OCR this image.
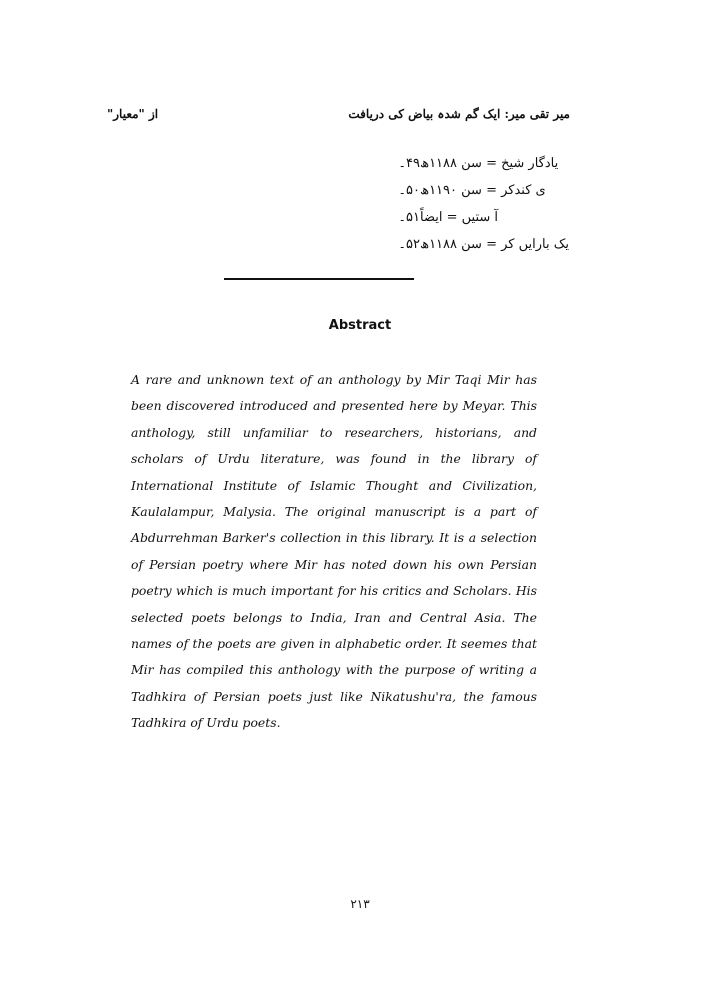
از "معیار"	میر تقی میر: ایک گم شدہ بیاض کی دریافت
۴۹۔ یادگار شیخ = سن ۱۱۸۸ھ
۵۰۔ ی کندکر = سن ۱۱۹۰ھ
۵۱۔ آ ستیں = ایضاً
۵۲۔ یک بارایں کر = سن ۱۱۸۸ھ
Abstract

A rare and unknown text of an anthology by Mir Taqi Mir has been discovered introduced and presented here by Meyar. This anthology, still unfamiliar to researchers, historians, and scholars of Urdu literature, was found in the library of International Institute of Islamic Thought and Civilization, Kaulalampur, Malysia. The original manuscript is a part of Abdurrehman Barker's collection in this library. It is a selection of Persian poetry where Mir has noted down his own Persian poetry which is much important for his critics and Scholars. His selected poets belongs to India, Iran and Central Asia. The names of the poets are given in alphabetic order. It seemes that Mir has compiled this anthology with the purpose of writing a Tadhkira of Persian poets just like Nikatushu'ra, the famous Tadhkira of Urdu poets.

۲۱۳
